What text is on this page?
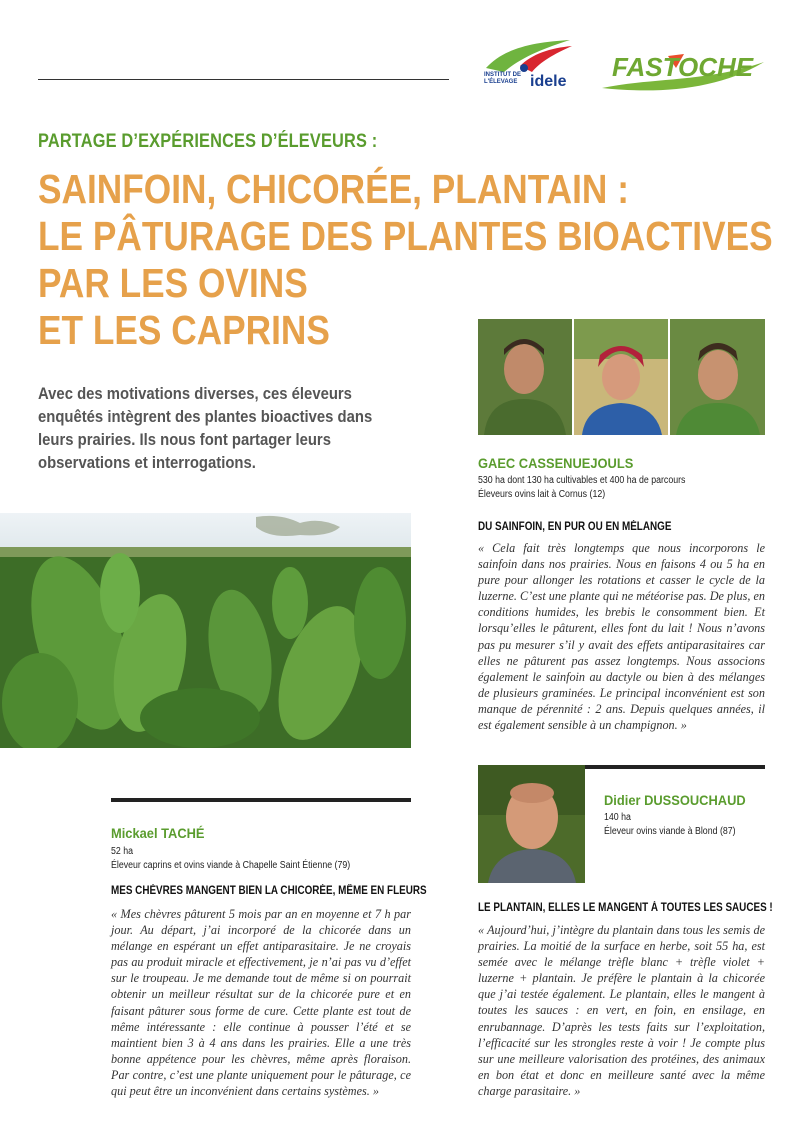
INSTITUT DE L'ÉLEVAGE idele FASTOCHE
PARTAGE D’EXPÉRIENCES D’ÉLEVEURS :
SAINFOIN, CHICORÉE, PLANTAIN :
LE PÂTURAGE DES PLANTES BIOACTIVES
PAR LES OVINS
ET LES CAPRINS
Avec des motivations diverses, ces éleveurs enquêtés intègrent des plantes bioactives dans leurs prairies. Ils nous font partager leurs observations et interrogations.	GAEC CASSENUEJOULS
530 ha dont 130 ha cultivables et 400 ha de parcours
Éleveurs ovins lait à Cornus (12)
DU SAINFOIN, EN PUR OU EN MÉLANGE
« Cela fait très longtemps que nous incorporons le sainfoin dans nos prairies. Nous en faisons 4 ou 5 ha en pure pour allonger les rotations et casser le cycle de la luzerne. C’est une plante qui ne météorise pas. De plus, en conditions humides, les brebis le consomment bien. Et lorsqu’elles le pâturent, elles font du lait ! Nous n’avons pas pu mesurer s’il y avait des effets antiparasitaires car elles ne pâturent pas assez longtemps. Nous associons également le sainfoin au dactyle ou bien à des mélanges de plusieurs graminées. Le principal inconvénient est son manque de pérennité : 2 ans. Depuis quelques années, il est également sensible à un champignon. »
Mickael TACHÉ
52 ha
Éleveur caprins et ovins viande à Chapelle Saint Étienne (79)
MES CHÈVRES MANGENT BIEN LA CHICORÉE, MÊME EN FLEURS
« Mes chèvres pâturent 5 mois par an en moyenne et 7 h par jour. Au départ, j’ai incorporé de la chicorée dans un mélange en espérant un effet antiparasitaire. Je ne croyais pas au produit miracle et effectivement, je n’ai pas vu d’effet sur le troupeau. Je me demande tout de même si on pourrait obtenir un meilleur résultat sur de la chicorée pure et en faisant pâturer sous forme de cure. Cette plante est tout de même intéressante : elle continue à pousser l’été et se maintient bien 3 à 4 ans dans les prairies. Elle a une très bonne appétence pour les chèvres, même après floraison. Par contre, c’est une plante uniquement pour le pâturage, ce qui peut être un inconvénient dans certains systèmes. »
Didier DUSSOUCHAUD
140 ha
Éleveur ovins viande à Blond (87)
LE PLANTAIN, ELLES LE MANGENT À TOUTES LES SAUCES !
« Aujourd’hui, j’intègre du plantain dans tous les semis de prairies. La moitié de la surface en herbe, soit 55 ha, est semée avec le mélange trèfle blanc + trèfle violet + luzerne + plantain. Je préfère le plantain à la chicorée que j’ai testée également. Le plantain, elles le mangent à toutes les sauces : en vert, en foin, en ensilage, en enrubannage. D’après les tests faits sur l’exploitation, l’efficacité sur les strongles reste à voir ! Je compte plus sur une meilleure valorisation des protéines, des animaux en bon état et donc en meilleure santé avec la même charge parasitaire. »
